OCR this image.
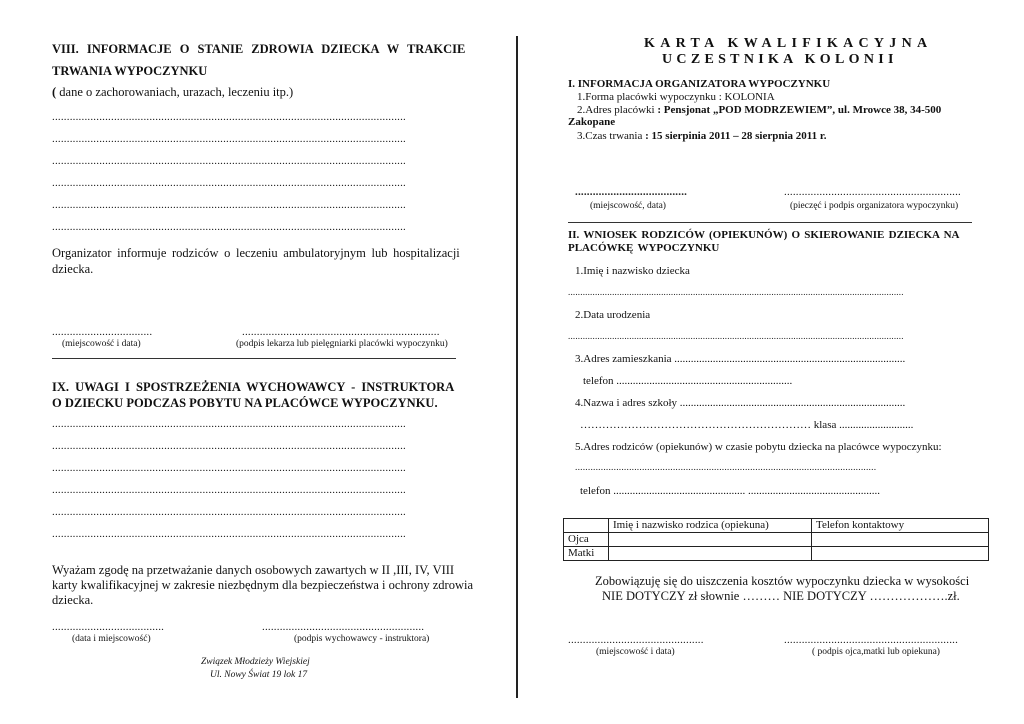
VIII. INFORMACJE O STANIE ZDROWIA DZIECKA W TRAKCIE
TRWANIA WYPOCZYNKU
( dane o zachorowaniach, urazach, leczeniu itp.)
........................................................................................................................
........................................................................................................................
........................................................................................................................
........................................................................................................................
........................................................................................................................
........................................................................................................................
Organizator informuje rodziców o leczeniu ambulatoryjnym lub hospitalizacji
dziecka.
..................................	...................................................................
(miejscowość i data)	(podpis lekarza lub pielęgniarki placówki wypoczynku)
IX. UWAGI I SPOSTRZEŻENIA WYCHOWAWCY - INSTRUKTORA
O DZIECKU PODCZAS POBYTU NA PLACÓWCE WYPOCZYNKU.
........................................................................................................................
........................................................................................................................
........................................................................................................................
........................................................................................................................
........................................................................................................................
........................................................................................................................
Wyażam zgodę na przetważanie danych osobowych zawartych w II ,III, IV, VIII
karty kwalifikacyjnej w zakresie niezbędnym dla bezpieczeństwa i ochrony zdrowia
dziecka.
......................................	.......................................................
(data i miejscowość)	(podpis wychowawcy - instruktora)
Związek Młodzieży Wiejskiej
Ul. Nowy Świat 19 lok 17
KARTA KWALIFIKACYJNA
UCZESTNIKA KOLONII
I. INFORMACJA ORGANIZATORA WYPOCZYNKU
1.Forma placówki wypoczynku : KOLONIA
2.Adres placówki : Pensjonat „POD MODRZEWIEM”, ul. Mrowce 38, 34-500
Zakopane
3.Czas trwania : 15 sierpinia 2011 – 28 sierpnia 2011 r.
......................................	............................................................
(miejscowość, data)	(pieczęć i podpis organizatora wypoczynku)
II. WNIOSEK RODZICÓW (OPIEKUNÓW) O SKIEROWANIE DZIECKA NA
PLACÓWKĘ WYPOCZYNKU
1.Imię i nazwisko dziecka
.........................................................................................................................................
2.Data urodzenia
.........................................................................................................................................
3.Adres zamieszkania ....................................................................................
telefon ................................................................
4.Nazwa i adres szkoły ..................................................................................
……………………………………………………… klasa ...........................
5.Adres rodziców (opiekunów) w czasie pobytu dziecka na placówce wypoczynku:
.....................................................................................................................
telefon ................................................ ................................................
	Imię i nazwisko rodzica (opiekuna)	Telefon kontaktowy
Ojca		
Matki		
Zobowiązuję się do uiszczenia kosztów wypoczynku dziecka w wysokości
NIE DOTYCZY zł słownie ……… NIE DOTYCZY ……………….zł.
..............................................	...........................................................
(miejscowość i data)	( podpis ojca,matki lub opiekuna)
